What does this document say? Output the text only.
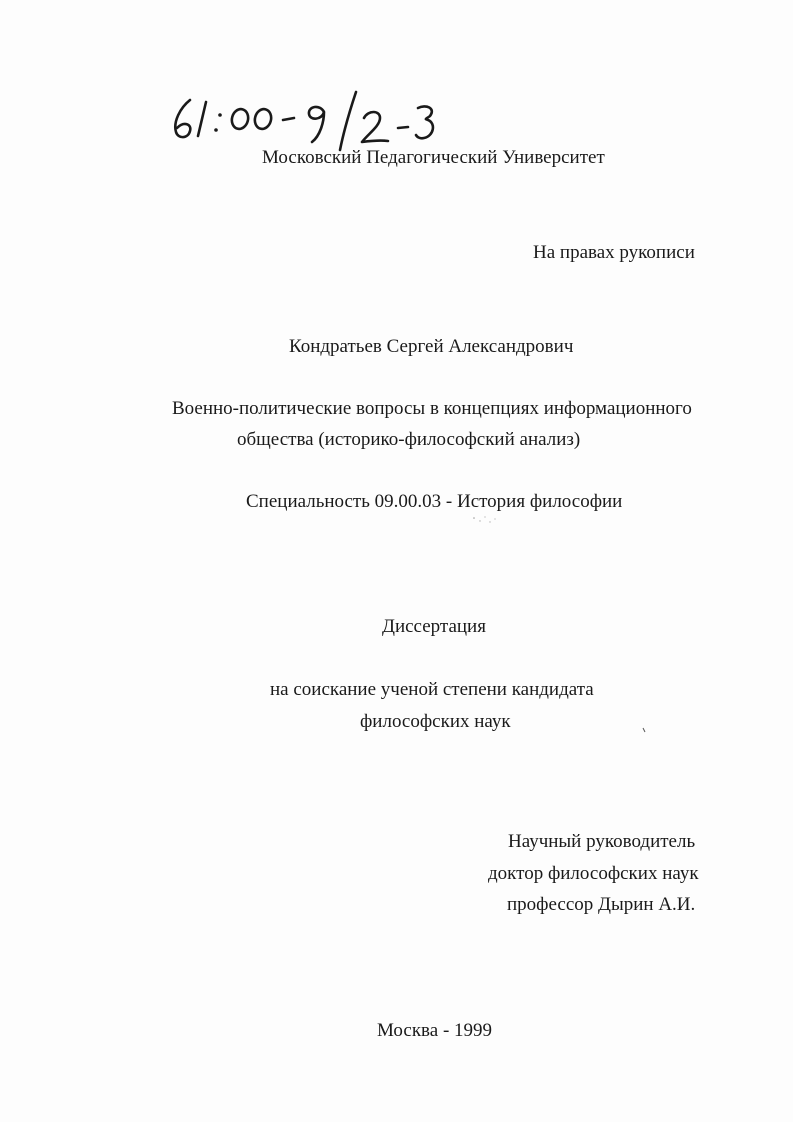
Московский Педагогический Университет
На правах рукописи
Кондратьев Сергей Александрович
Военно-политические вопросы в концепциях информационного
общества (историко-философский анализ)
Специальность 09.00.03 - История философии
Диссертация
на соискание ученой степени кандидата
философских наук
Научный руководитель
доктор философских наук
профессор Дырин А.И.
Москва - 1999
